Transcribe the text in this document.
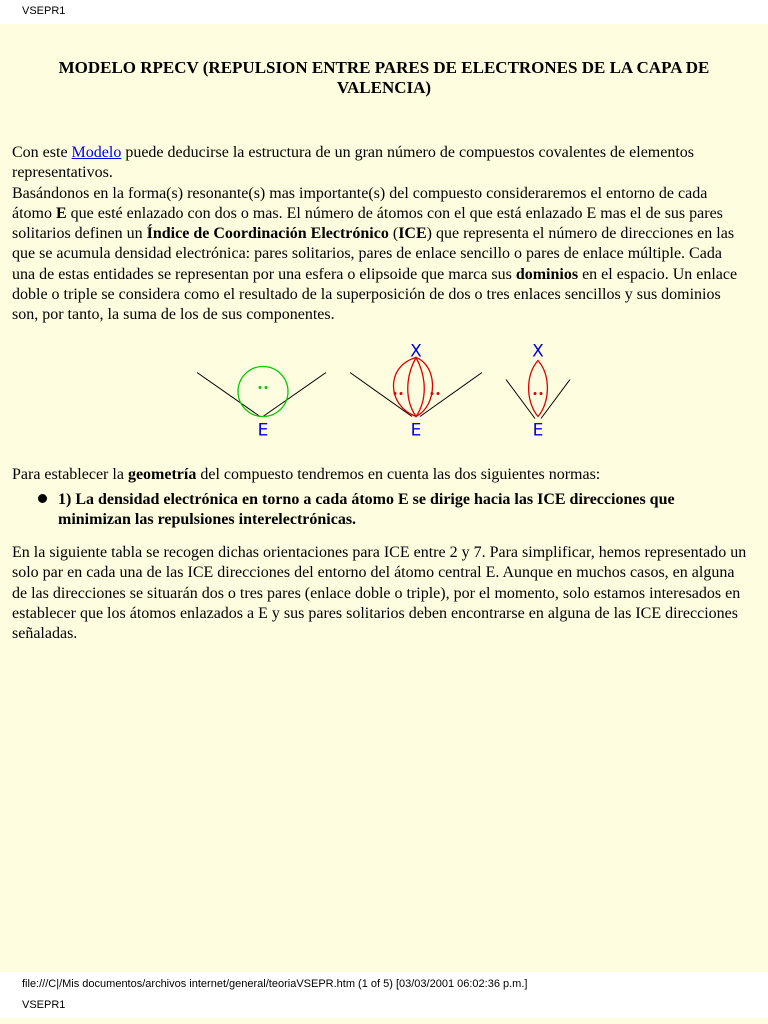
VSEPR1
MODELO RPECV (REPULSION ENTRE PARES DE ELECTRONES DE LA CAPA DE VALENCIA)
Con este Modelo puede deducirse la estructura de un gran número de compuestos covalentes de elementos representativos.
Basándonos en la forma(s) resonante(s) mas importante(s) del compuesto consideraremos el entorno de cada átomo E que esté enlazado con dos o mas. El número de átomos con el que está enlazado E mas el de sus pares solitarios definen un Índice de Coordinación Electrónico (ICE) que representa el número de direcciones en las que se acumula densidad electrónica: pares solitarios, pares de enlace sencillo o pares de enlace múltiple. Cada una de estas entidades se representan por una esfera o elipsoide que marca sus dominios en el espacio. Un enlace doble o triple se considera como el resultado de la superposición de dos o tres enlaces sencillos y sus dominios son, por tanto, la suma de los de sus componentes.
E
X
E
X
E
Para establecer la geometría del compuesto tendremos en cuenta las dos siguientes normas:

1) La densidad electrónica en torno a cada átomo E se dirige hacia las ICE direcciones que minimizan las repulsiones interelectrónicas.

En la siguiente tabla se recogen dichas orientaciones para ICE entre 2 y 7. Para simplificar, hemos representado un solo par en cada una de las ICE direcciones del entorno del átomo central E. Aunque en muchos casos, en alguna de las direcciones se situarán dos o tres pares (enlace doble o triple), por el momento, solo estamos interesados en establecer que los átomos enlazados a E y sus pares solitarios deben encontrarse en alguna de las ICE direcciones señaladas.

file:///C|/Mis documentos/archivos internet/general/teoriaVSEPR.htm (1 of 5) [03/03/2001 06:02:36 p.m.]
VSEPR1
